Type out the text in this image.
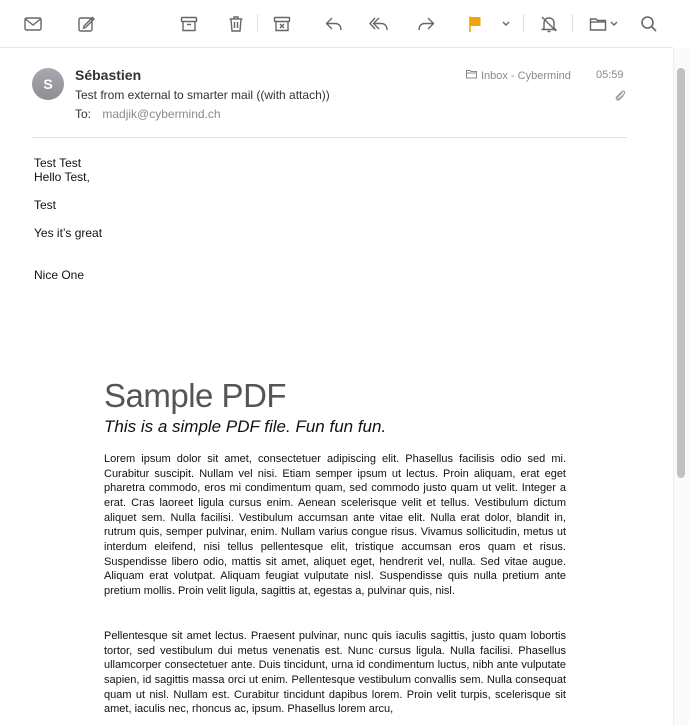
S
Sébastien
Test from external to smarter mail ((with attach))
To: madjik@cybermind.ch
Inbox - Cybermind 05:59
Test Test
Hello Test,
Test
Yes it’s great
Nice One
Sample PDF
This is a simple PDF file. Fun fun fun.
Lorem ipsum dolor sit amet, consectetuer adipiscing elit. Phasellus facilisis odio sed mi. Curabitur suscipit. Nullam vel nisi. Etiam semper ipsum ut lectus. Proin aliquam, erat eget pharetra commodo, eros mi condimentum quam, sed commodo justo quam ut velit. Integer a erat. Cras laoreet ligula cursus enim. Aenean scelerisque velit et tellus. Vestibulum dictum aliquet sem. Nulla facilisi. Vestibulum accumsan ante vitae elit. Nulla erat dolor, blandit in, rutrum quis, semper pulvinar, enim. Nullam varius congue risus. Vivamus sollicitudin, metus ut interdum eleifend, nisi tellus pellentesque elit, tristique accumsan eros quam et risus. Suspendisse libero odio, mattis sit amet, aliquet eget, hendrerit vel, nulla. Sed vitae augue. Aliquam erat volutpat. Aliquam feugiat vulputate nisl. Suspendisse quis nulla pretium ante pretium mollis. Proin velit ligula, sagittis at, egestas a, pulvinar quis, nisl.
Pellentesque sit amet lectus. Praesent pulvinar, nunc quis iaculis sagittis, justo quam lobortis tortor, sed vestibulum dui metus venenatis est. Nunc cursus ligula. Nulla facilisi. Phasellus ullamcorper consectetuer ante. Duis tincidunt, urna id condimentum luctus, nibh ante vulputate sapien, id sagittis massa orci ut enim. Pellentesque vestibulum convallis sem. Nulla consequat quam ut nisl. Nullam est. Curabitur tincidunt dapibus lorem. Proin velit turpis, scelerisque sit amet, iaculis nec, rhoncus ac, ipsum. Phasellus lorem arcu,
